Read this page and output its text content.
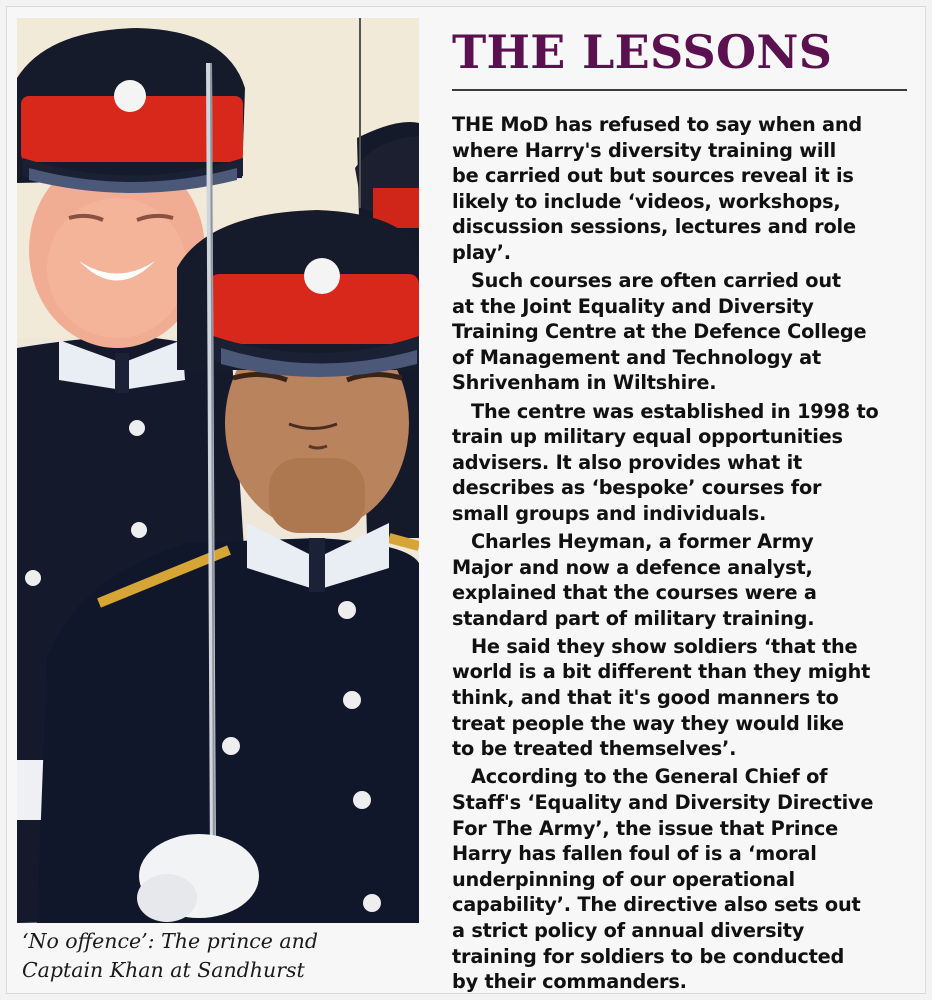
‘No offence’: The prince and
Captain Khan at Sandhurst
THE LESSONS
THE MoD has refused to say when and
where Harry's diversity training will
be carried out but sources reveal it is
likely to include ‘videos, workshops,
discussion sessions, lectures and role
play’.
Such courses are often carried out
at the Joint Equality and Diversity
Training Centre at the Defence College
of Management and Technology at
Shrivenham in Wiltshire.
The centre was established in 1998 to
train up military equal opportunities
advisers. It also provides what it
describes as ‘bespoke’ courses for
small groups and individuals.
Charles Heyman, a former Army
Major and now a defence analyst,
explained that the courses were a
standard part of military training.
He said they show soldiers ‘that the
world is a bit different than they might
think, and that it's good manners to
treat people the way they would like
to be treated themselves’.
According to the General Chief of
Staff's ‘Equality and Diversity Directive
For The Army’, the issue that Prince
Harry has fallen foul of is a ‘moral
underpinning of our operational
capability’. The directive also sets out
a strict policy of annual diversity
training for soldiers to be conducted
by their commanders.
